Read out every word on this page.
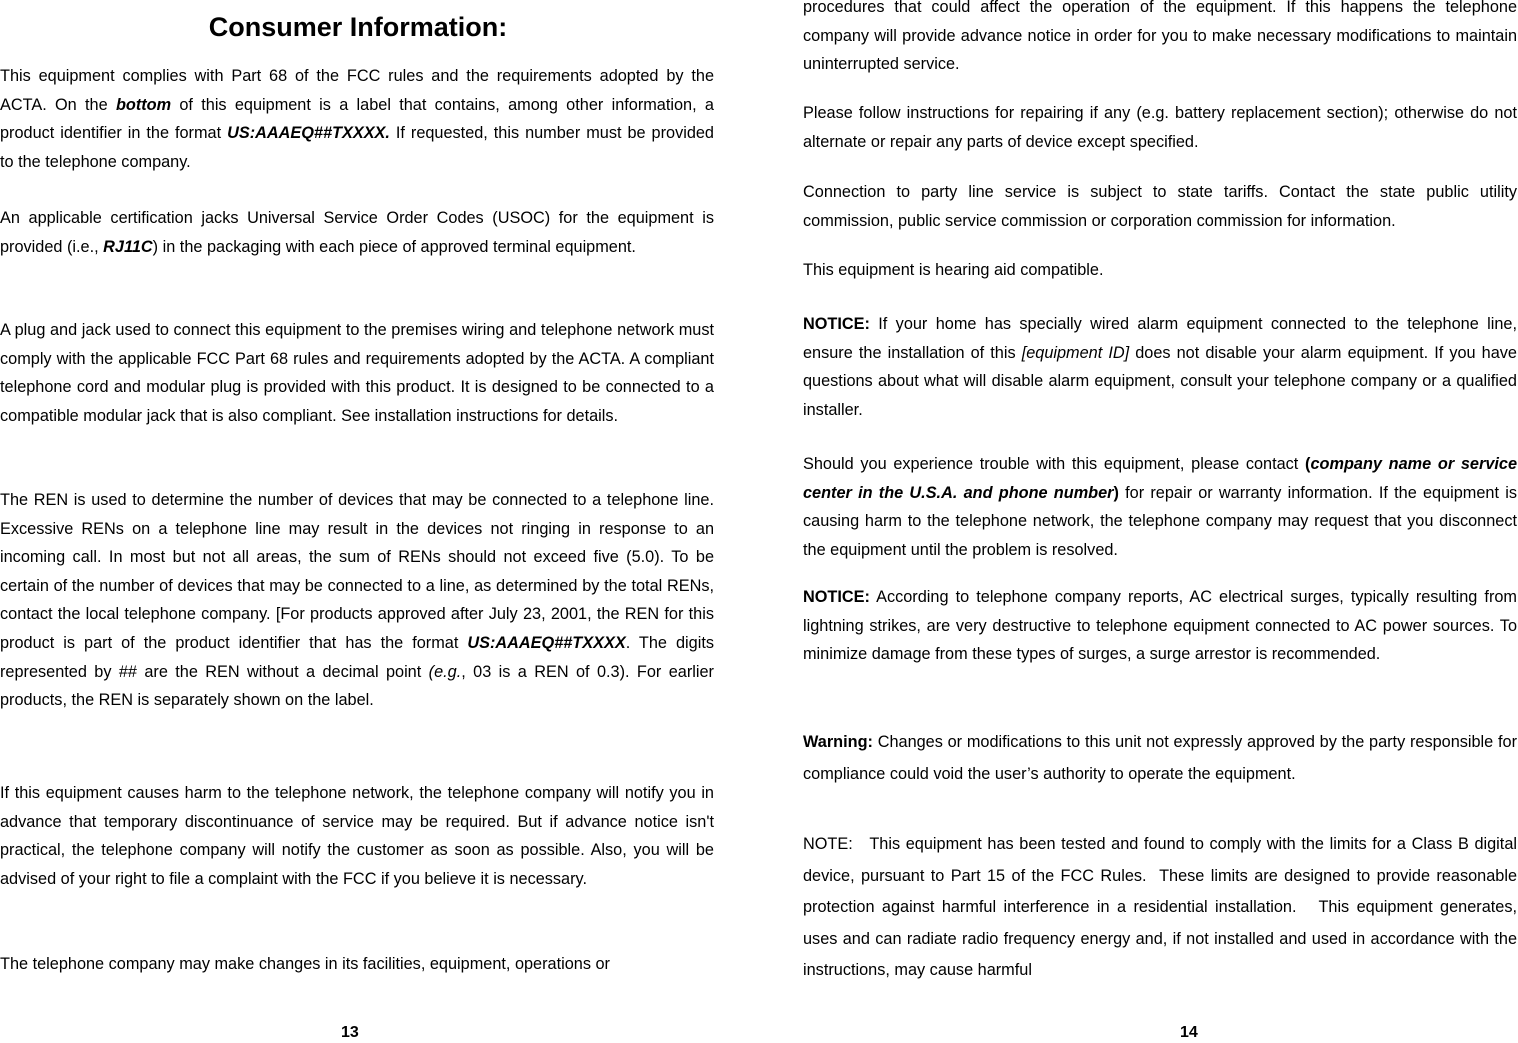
Consumer Information:

This equipment complies with Part 68 of the FCC rules and the requirements adopted by the ACTA. On the bottom of this equipment is a label that contains, among other information, a product identifier in the format US:AAAEQ##TXXXX. If requested, this number must be provided to the telephone company.

An applicable certification jacks Universal Service Order Codes (USOC) for the equipment is provided (i.e., RJ11C) in the packaging with each piece of approved terminal equipment.

A plug and jack used to connect this equipment to the premises wiring and telephone network must comply with the applicable FCC Part 68 rules and requirements adopted by the ACTA. A compliant telephone cord and modular plug is provided with this product. It is designed to be connected to a compatible modular jack that is also compliant. See installation instructions for details.

The REN is used to determine the number of devices that may be connected to a telephone line. Excessive RENs on a telephone line may result in the devices not ringing in response to an incoming call. In most but not all areas, the sum of RENs should not exceed five (5.0). To be certain of the number of devices that may be connected to a line, as determined by the total RENs, contact the local telephone company. [For products approved after July 23, 2001, the REN for this product is part of the product identifier that has the format US:AAAEQ##TXXXX. The digits represented by ## are the REN without a decimal point (e.g., 03 is a REN of 0.3). For earlier products, the REN is separately shown on the label.

If this equipment causes harm to the telephone network, the telephone company will notify you in advance that temporary discontinuance of service may be required. But if advance notice isn't practical, the telephone company will notify the customer as soon as possible. Also, you will be advised of your right to file a complaint with the FCC if you believe it is necessary.

The telephone company may make changes in its facilities, equipment, operations or

13

procedures that could affect the operation of the equipment. If this happens the telephone company will provide advance notice in order for you to make necessary modifications to maintain uninterrupted service.

Please follow instructions for repairing if any (e.g. battery replacement section); otherwise do not alternate or repair any parts of device except specified.

Connection to party line service is subject to state tariffs. Contact the state public utility commission, public service commission or corporation commission for information.

This equipment is hearing aid compatible.

NOTICE: If your home has specially wired alarm equipment connected to the telephone line, ensure the installation of this [equipment ID] does not disable your alarm equipment. If you have questions about what will disable alarm equipment, consult your telephone company or a qualified installer.

Should you experience trouble with this equipment, please contact (company name or service center in the U.S.A. and phone number) for repair or warranty information. If the equipment is causing harm to the telephone network, the telephone company may request that you disconnect the equipment until the problem is resolved.

NOTICE: According to telephone company reports, AC electrical surges, typically resulting from lightning strikes, are very destructive to telephone equipment connected to AC power sources. To minimize damage from these types of surges, a surge arrestor is recommended.

Warning: Changes or modifications to this unit not expressly approved by the party responsible for compliance could void the user’s authority to operate the equipment.

NOTE:   This equipment has been tested and found to comply with the limits for a Class B digital device, pursuant to Part 15 of the FCC Rules.  These limits are designed to provide reasonable protection against harmful interference in a residential installation.   This equipment generates, uses and can radiate radio frequency energy and, if not installed and used in accordance with the instructions, may cause harmful

14
